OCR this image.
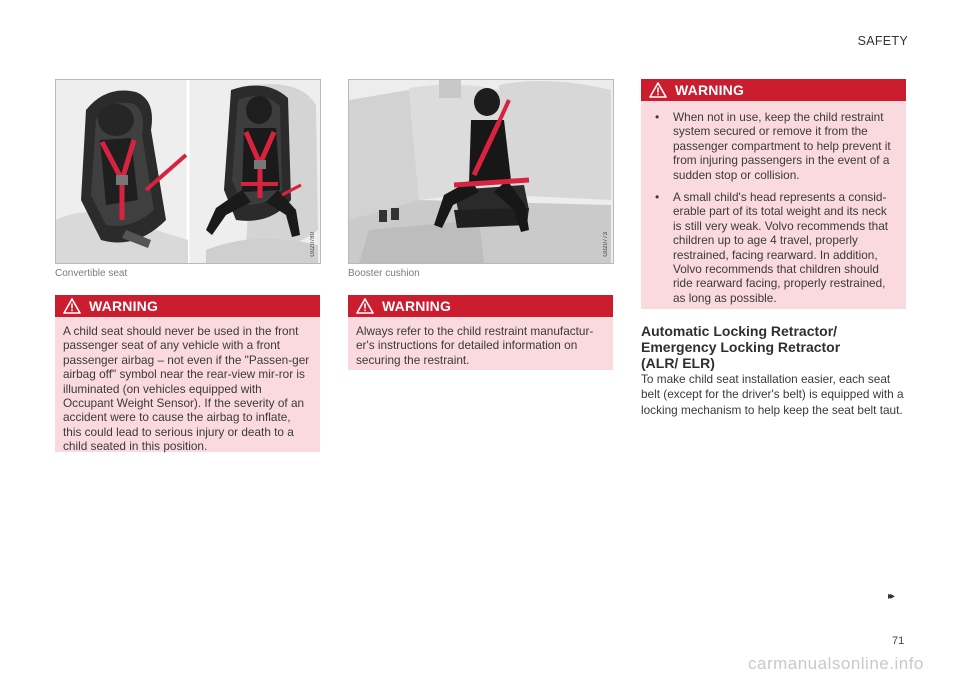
SAFETY
G020780
Convertible seat
G020773
Booster cushion
WARNING
A child seat should never be used in the front passenger seat of any vehicle with a front passenger airbag – not even if the "Passen-ger airbag off" symbol near the rear-view mir-ror is illuminated (on vehicles equipped with Occupant Weight Sensor). If the severity of an accident were to cause the airbag to inflate, this could lead to serious injury or death to a child seated in this position.
WARNING
Always refer to the child restraint manufactur-er's instructions for detailed information on securing the restraint.
WARNING
• When not in use, keep the child restraint system secured or remove it from the passenger compartment to help prevent it from injuring passengers in the event of a sudden stop or collision.
• A small child's head represents a consid-erable part of its total weight and its neck is still very weak. Volvo recommends that children up to age 4 travel, properly restrained, facing rearward. In addition, Volvo recommends that children should ride rearward facing, properly restrained, as long as possible.
Automatic Locking Retractor/ Emergency Locking Retractor (ALR/ ELR)
To make child seat installation easier, each seat belt (except for the driver's belt) is equipped with a locking mechanism to help keep the seat belt taut.
▸▸
71
carmanualsonline.info
